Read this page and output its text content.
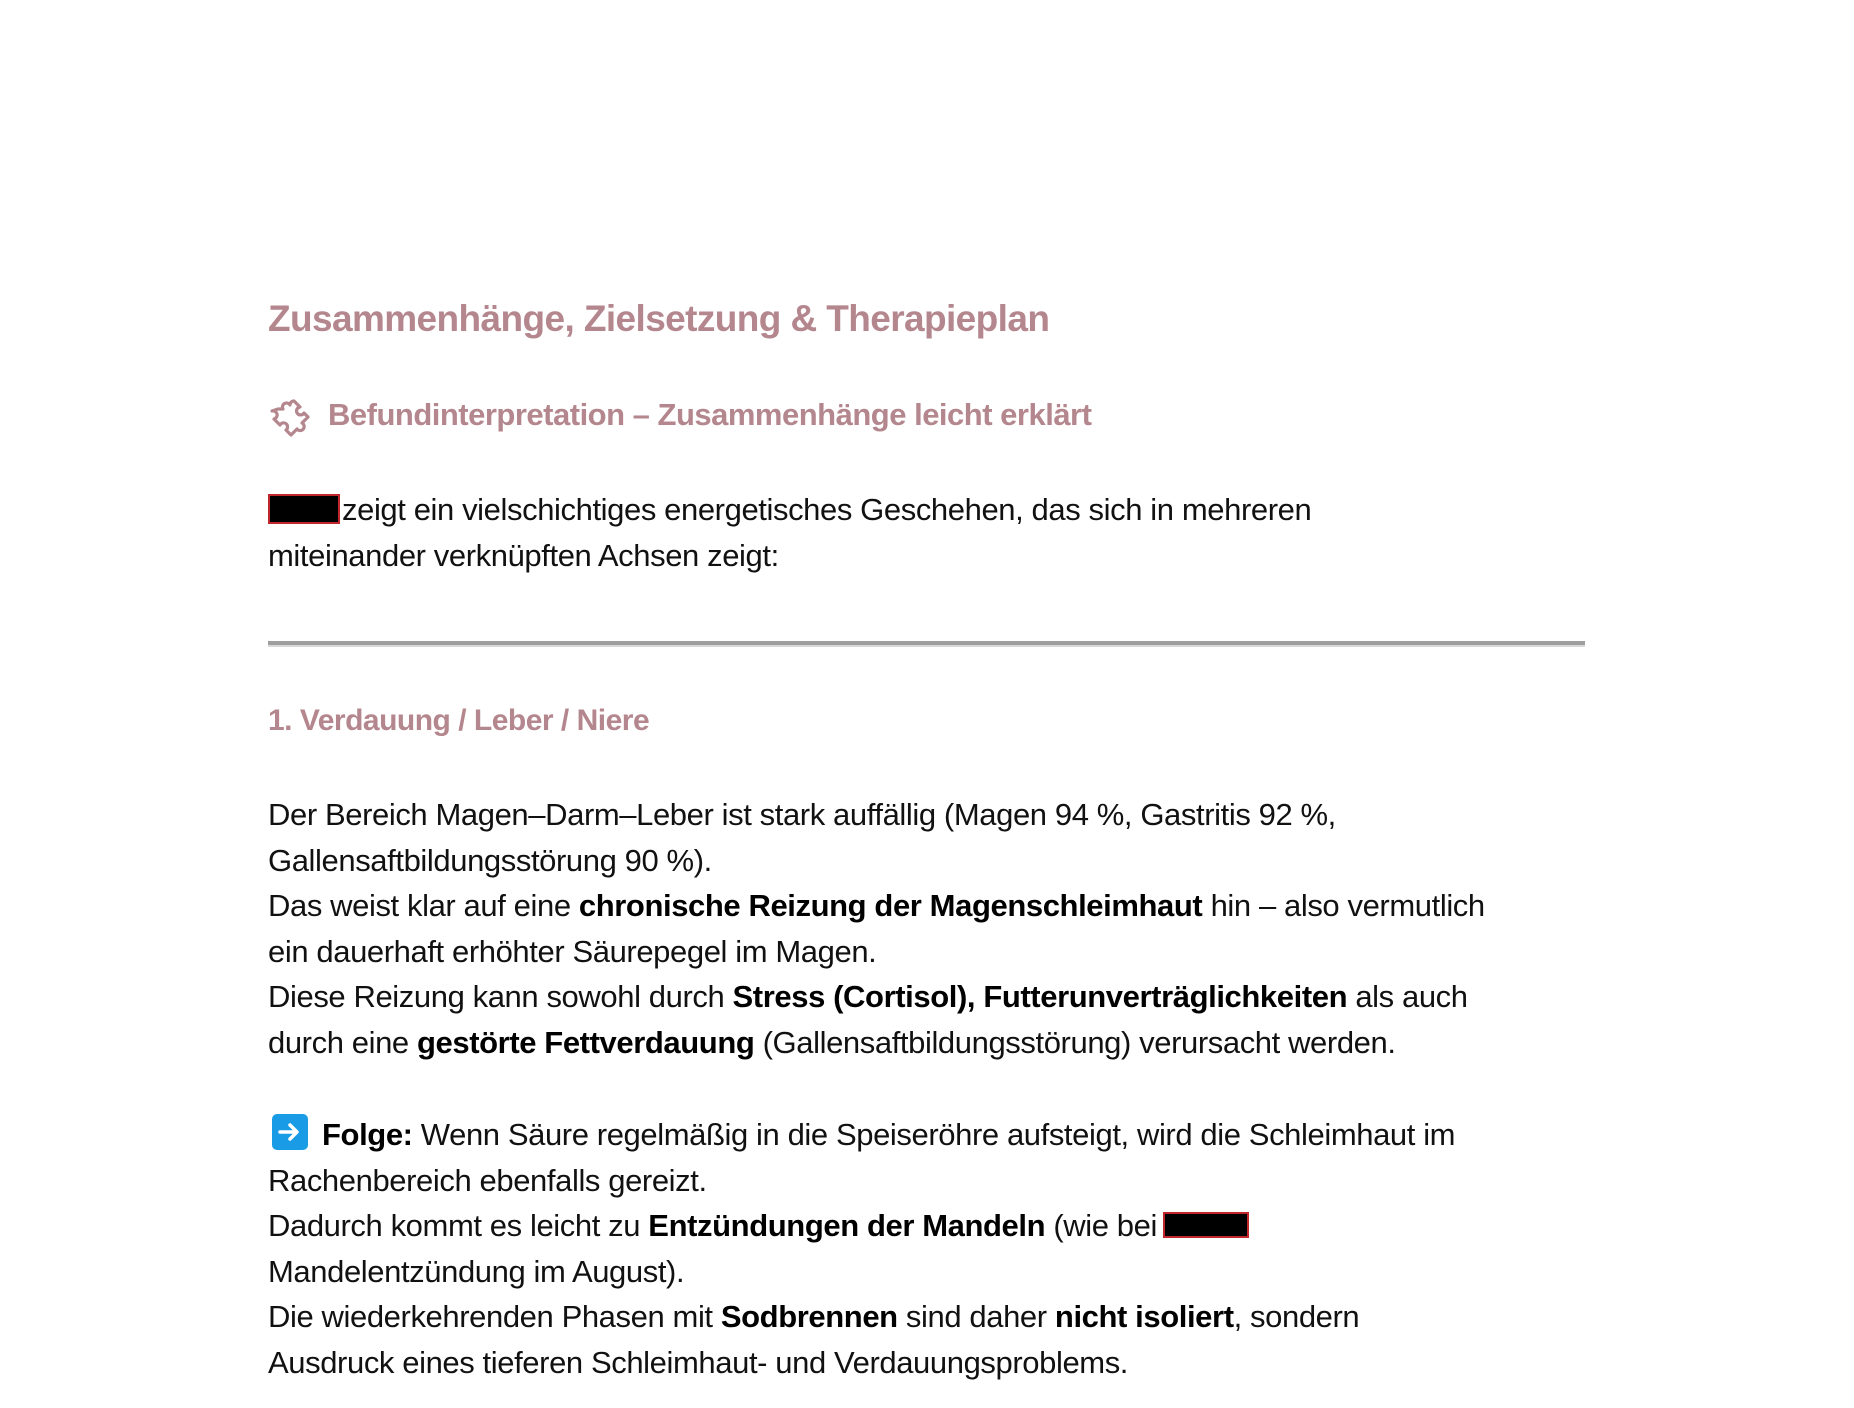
Zusammenhänge, Zielsetzung & Therapieplan
Befundinterpretation – Zusammenhänge leicht erklärt
zeigt ein vielschichtiges energetisches Geschehen, das sich in mehreren
miteinander verknüpften Achsen zeigt:
1. Verdauung / Leber / Niere
Der Bereich Magen–Darm–Leber ist stark auffällig (Magen 94 %, Gastritis 92 %,
Gallensaftbildungsstörung 90 %).
Das weist klar auf eine chronische Reizung der Magenschleimhaut hin – also vermutlich
ein dauerhaft erhöhter Säurepegel im Magen.
Diese Reizung kann sowohl durch Stress (Cortisol), Futterunverträglichkeiten als auch
durch eine gestörte Fettverdauung (Gallensaftbildungsstörung) verursacht werden.
Folge: Wenn Säure regelmäßig in die Speiseröhre aufsteigt, wird die Schleimhaut im
Rachenbereich ebenfalls gereizt.
Dadurch kommt es leicht zu Entzündungen der Mandeln (wie bei
Mandelentzündung im August).
Die wiederkehrenden Phasen mit Sodbrennen sind daher nicht isoliert, sondern
Ausdruck eines tieferen Schleimhaut- und Verdauungsproblems.
